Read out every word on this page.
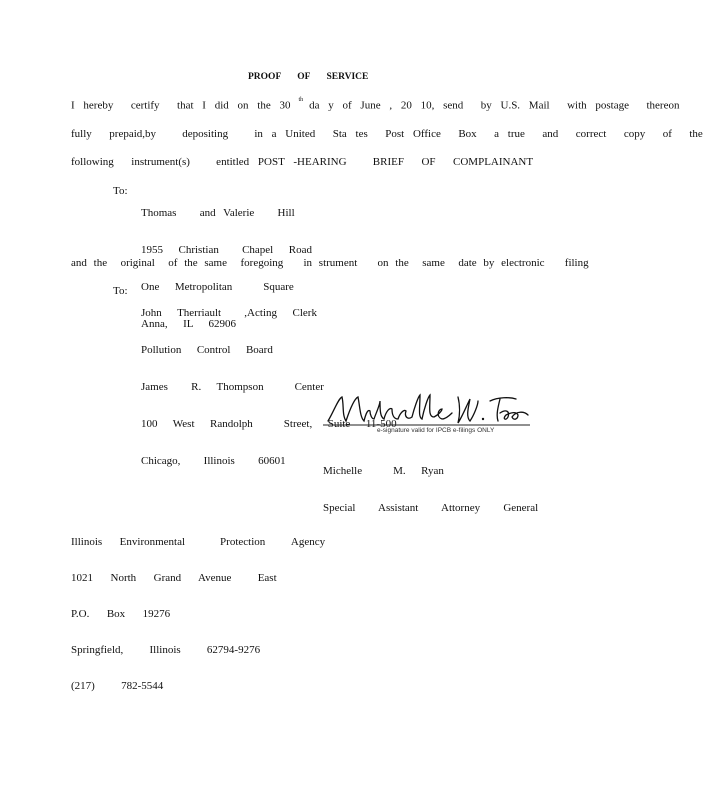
PROOF OF SERVICE
I hereby  certify  that I did on the 30 $^{th}$ da y of June , 20 10, send  by U.S. Mail  with postage  thereon
fully  prepaid,by   depositing   in a United  Sta tes  Post Office  Box  a true  and  correct  copy  of  the
following  instrument(s)   entitled POST -HEARING   BRIEF  OF  COMPLAINANT
To:

Thomas   and Valerie   Hill

1955  Christian   Chapel  Road

One  Metropolitan    Square

Anna,  IL  62906

and the  original  of the same  foregoing   in strument   on the  same  date by electronic   filing
To:

John  Therriault   ,Acting  Clerk

Pollution  Control  Board

James   R.  Thompson    Center

100  West  Randolph    Street,  Suite  11-500

Chicago,   Illinois   60601

e-signature valid for IPCB e-filings ONLY

Michelle    M.  Ryan

Special   Assistant   Attorney   General

Illinois  Environmental    Protection   Agency

1021  North  Grand  Avenue   East

P.O.  Box  19276

Springfield,   Illinois   62794-9276

(217)   782-5544
